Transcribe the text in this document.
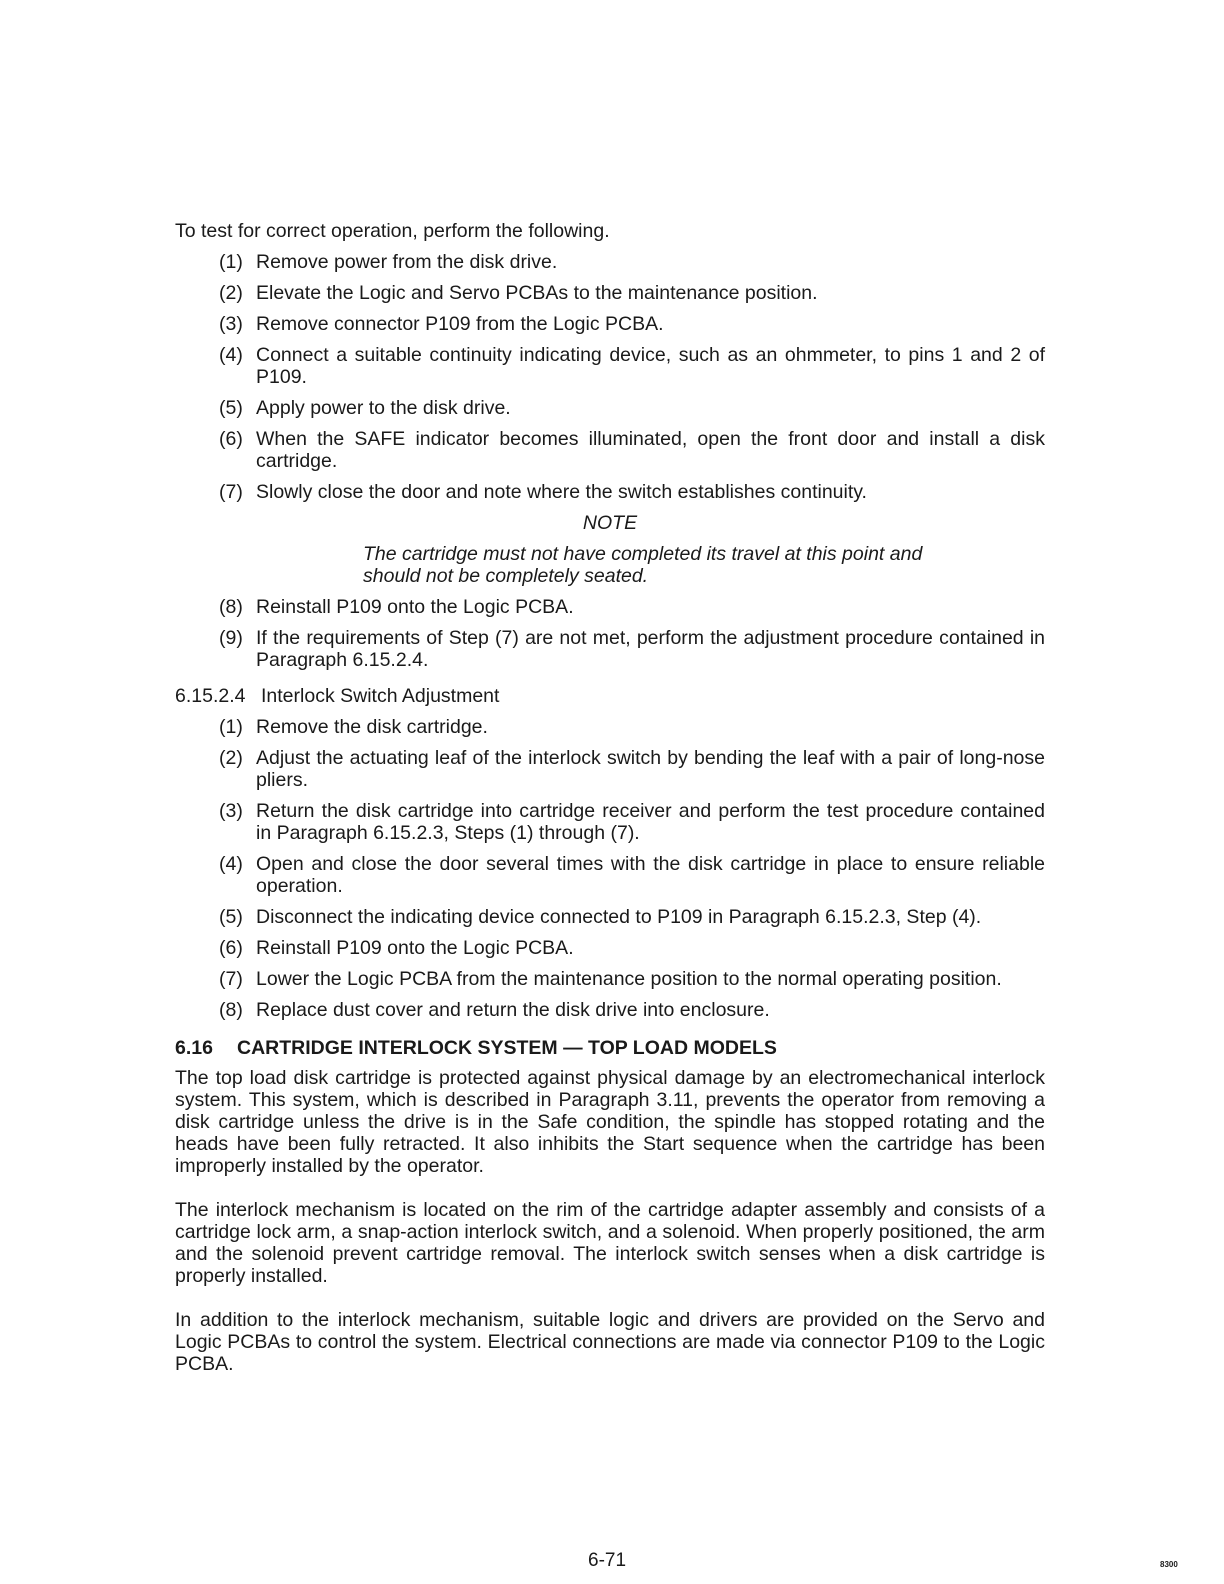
To test for correct operation, perform the following.

(1) Remove power from the disk drive.
(2) Elevate the Logic and Servo PCBAs to the maintenance position.
(3) Remove connector P109 from the Logic PCBA.
(4) Connect a suitable continuity indicating device, such as an ohmmeter, to pins 1 and 2 of P109.
(5) Apply power to the disk drive.
(6) When the SAFE indicator becomes illuminated, open the front door and install a disk cartridge.
(7) Slowly close the door and note where the switch establishes continuity.

NOTE

The cartridge must not have completed its travel at this point and should not be completely seated.

(8) Reinstall P109 onto the Logic PCBA.
(9) If the requirements of Step (7) are not met, perform the adjustment procedure contained in Paragraph 6.15.2.4.
6.15.2.4 Interlock Switch Adjustment
(1) Remove the disk cartridge.
(2) Adjust the actuating leaf of the interlock switch by bending the leaf with a pair of long-nose pliers.
(3) Return the disk cartridge into cartridge receiver and perform the test procedure contained in Paragraph 6.15.2.3, Steps (1) through (7).
(4) Open and close the door several times with the disk cartridge in place to ensure reliable operation.
(5) Disconnect the indicating device connected to P109 in Paragraph 6.15.2.3, Step (4).
(6) Reinstall P109 onto the Logic PCBA.
(7) Lower the Logic PCBA from the maintenance position to the normal operating position.
(8) Replace dust cover and return the disk drive into enclosure.
6.16 CARTRIDGE INTERLOCK SYSTEM — TOP LOAD MODELS

The top load disk cartridge is protected against physical damage by an electromechanical interlock system. This system, which is described in Paragraph 3.11, prevents the operator from removing a disk cartridge unless the drive is in the Safe condition, the spindle has stopped rotating and the heads have been fully retracted. It also inhibits the Start sequence when the cartridge has been improperly installed by the operator.

The interlock mechanism is located on the rim of the cartridge adapter assembly and consists of a cartridge lock arm, a snap-action interlock switch, and a solenoid. When properly positioned, the arm and the solenoid prevent cartridge removal. The interlock switch senses when a disk cartridge is properly installed.

In addition to the interlock mechanism, suitable logic and drivers are provided on the Servo and Logic PCBAs to control the system. Electrical connections are made via connector P109 to the Logic PCBA.

6-71	8300
